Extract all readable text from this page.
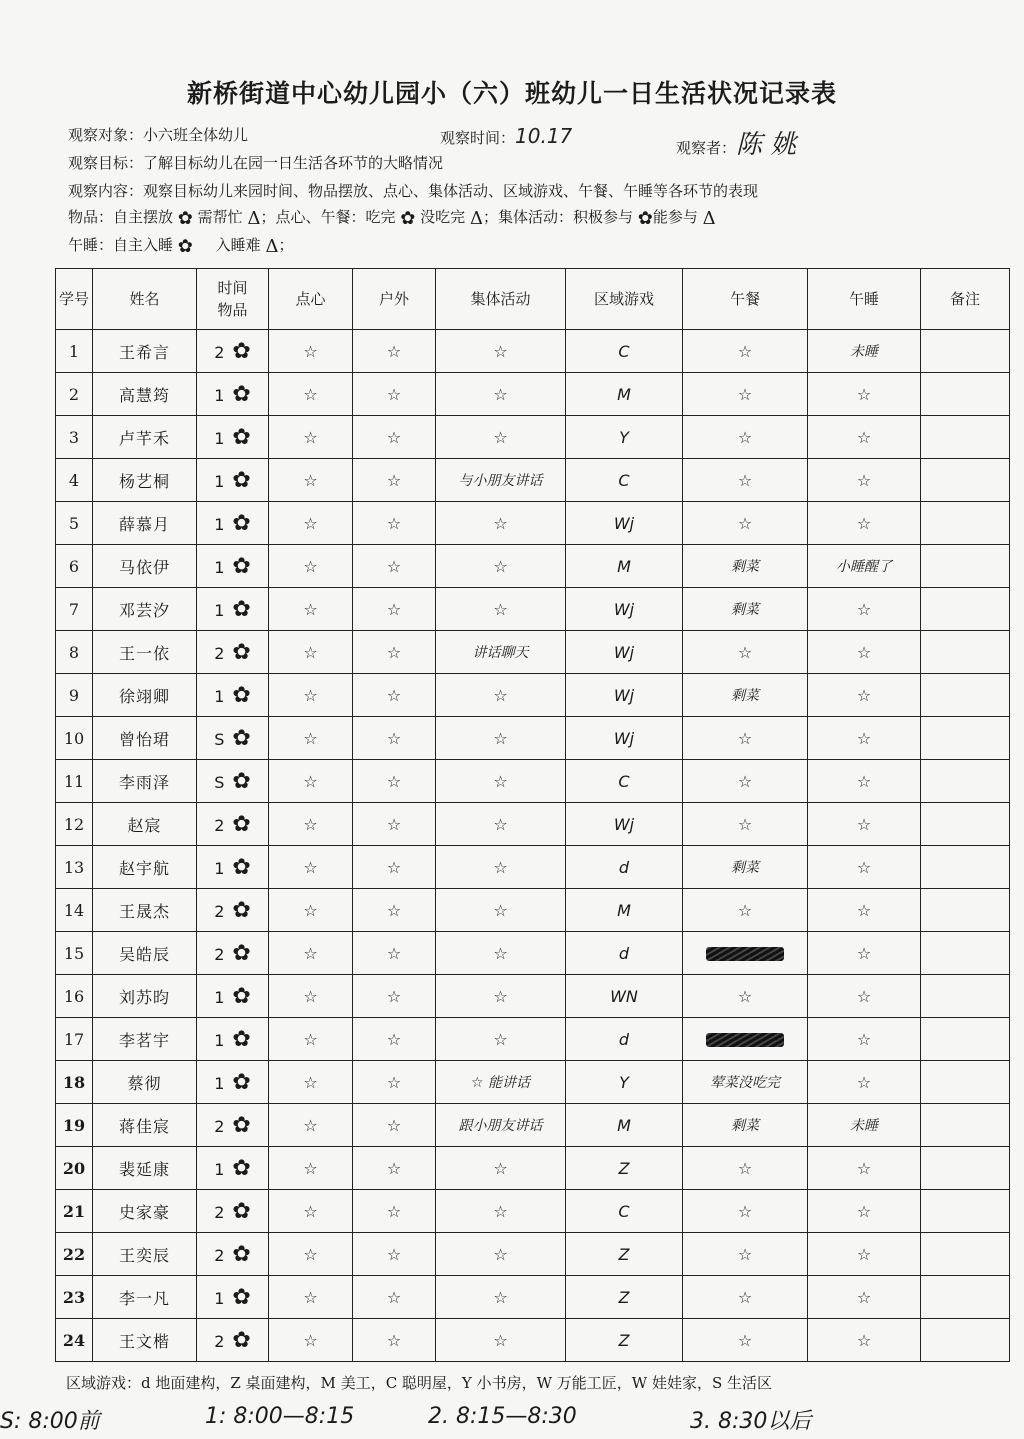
新桥街道中心幼儿园小（六）班幼儿一日生活状况记录表
观察对象：小六班全体幼儿	观察时间：10.17	观察者：陈 姚
观察目标：了解目标幼儿在园一日生活各环节的大略情况
观察内容：观察目标幼儿来园时间、物品摆放、点心、集体活动、区域游戏、午餐、午睡等各环节的表现
物品：自主摆放 ✿ 需帮忙 Δ；点心、午餐：吃完 ✿ 没吃完 Δ；集体活动：积极参与 ✿能参与 Δ
午睡：自主入睡 ✿ 入睡难 Δ；
学号	姓名	时间物品	点心	户外	集体活动	区域游戏	午餐	午睡	备注
1	王希言	2 ✿	☆	☆	☆	C	☆	未睡	
2	高慧筠	1 ✿	☆	☆	☆	M	☆	☆	
3	卢芊禾	1 ✿	☆	☆	☆	Y	☆	☆	
4	杨艺桐	1 ✿	☆	☆	与小朋友讲话	C	☆	☆	
5	薛慕月	1 ✿	☆	☆	☆	Wj	☆	☆	
6	马依伊	1 ✿	☆	☆	☆	M	剩菜	小睡醒了	
7	邓芸汐	1 ✿	☆	☆	☆	Wj	剩菜	☆	
8	王一依	2 ✿	☆	☆	讲话聊天	Wj	☆	☆	
9	徐翊卿	1 ✿	☆	☆	☆	Wj	剩菜	☆	
10	曾怡珺	S ✿	☆	☆	☆	Wj	☆	☆	
11	李雨泽	S ✿	☆	☆	☆	C	☆	☆	
12	赵宸	2 ✿	☆	☆	☆	Wj	☆	☆	
13	赵宇航	1 ✿	☆	☆	☆	d	剩菜	☆	
14	王晟杰	2 ✿	☆	☆	☆	M	☆	☆	
15	吴皓辰	2 ✿	☆	☆	☆	d		☆	
16	刘苏昀	1 ✿	☆	☆	☆	WN	☆	☆	
17	李茗宇	1 ✿	☆	☆	☆	d		☆	
18	蔡彻	1 ✿	☆	☆	☆ 能讲话	Y	荤菜没吃完	☆	
19	蒋佳宸	2 ✿	☆	☆	跟小朋友讲话	M	剩菜	未睡	
20	裴延康	1 ✿	☆	☆	☆	Z	☆	☆	
21	史家豪	2 ✿	☆	☆	☆	C	☆	☆	
22	王奕辰	2 ✿	☆	☆	☆	Z	☆	☆	
23	李一凡	1 ✿	☆	☆	☆	Z	☆	☆	
24	王文楷	2 ✿	☆	☆	☆	Z	☆	☆	
区域游戏：d 地面建构，Z 桌面建构，M 美工，C 聪明屋，Y 小书房，W 万能工匠，W 娃娃家，S 生活区
S: 8:00前	1: 8:00—8:15	2. 8:15—8:30	3. 8:30以后
